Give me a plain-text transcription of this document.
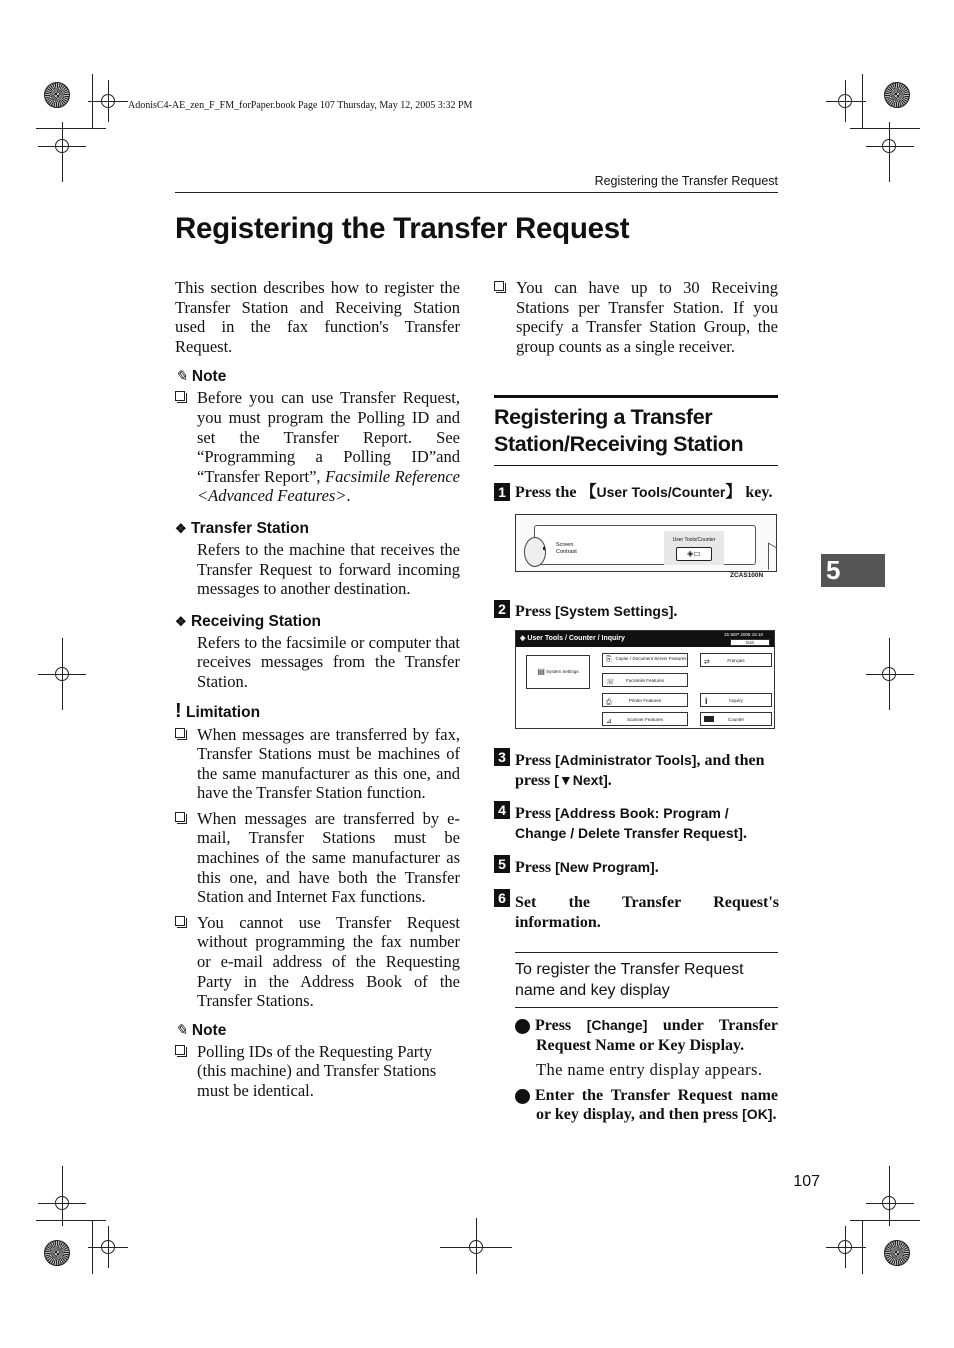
AdonisC4-AE_zen_F_FM_forPaper.book Page 107 Thursday, May 12, 2005 3:32 PM
Registering the Transfer Request
Registering the Transfer Request
This section describes how to register the Transfer Station and Receiving Station used in the fax function's Transfer Request.
✎ Note
Before you can use Transfer Request, you must program the Polling ID and set the Transfer Report. See “Programming a Polling ID”and “Transfer Report”, Facsimile Reference <Advanced Features>.
❖ Transfer Station
Refers to the machine that receives the Transfer Request to forward incoming messages to another destination.
❖ Receiving Station
Refers to the facsimile or computer that receives messages from the Transfer Station.
! Limitation
When messages are transferred by fax, Transfer Stations must be machines of the same manufacturer as this one, and have the Transfer Station function.
When messages are transferred by e-mail, Transfer Stations must be machines of the same manufacturer as this one, and have both the Transfer Station and Internet Fax functions.
You cannot use Transfer Request without programming the fax number or e-mail address of the Requesting Party in the Address Book of the Transfer Stations.
✎ Note
Polling IDs of the Requesting Party (this machine) and Transfer Stations must be identical.
You can have up to 30 Receiving Stations per Transfer Station. If you specify a Transfer Station Group, the group counts as a single receiver.
Registering a Transfer
Station/Receiving Station
1 Press the 【User Tools/Counter】 key.
◐ Screen
Contrast
User Tools/Counter
◈▭
ZCAS100N
2 Press [System Settings].
◈ User Tools / Counter / Inquiry
15 SEP 2005 15:10
Exit
▤ System Settings
⎘ Copier / Document Server Features
☏ Facsimile Features
⎙	Printer Features
⊿	Scanner Features
⇄	Français
i	Inquiry
Counter
3 Press [Administrator Tools], and then press [▼Next].
4 Press [Address Book: Program / Change / Delete Transfer Request].
5 Press [New Program].
6 Set the Transfer Request's information.
To register the Transfer Request name and key display
1 Press [Change] under Transfer Request Name or Key Display.
The name entry display appears.
2 Enter the Transfer Request name or key display, and then press [OK].
5
107
